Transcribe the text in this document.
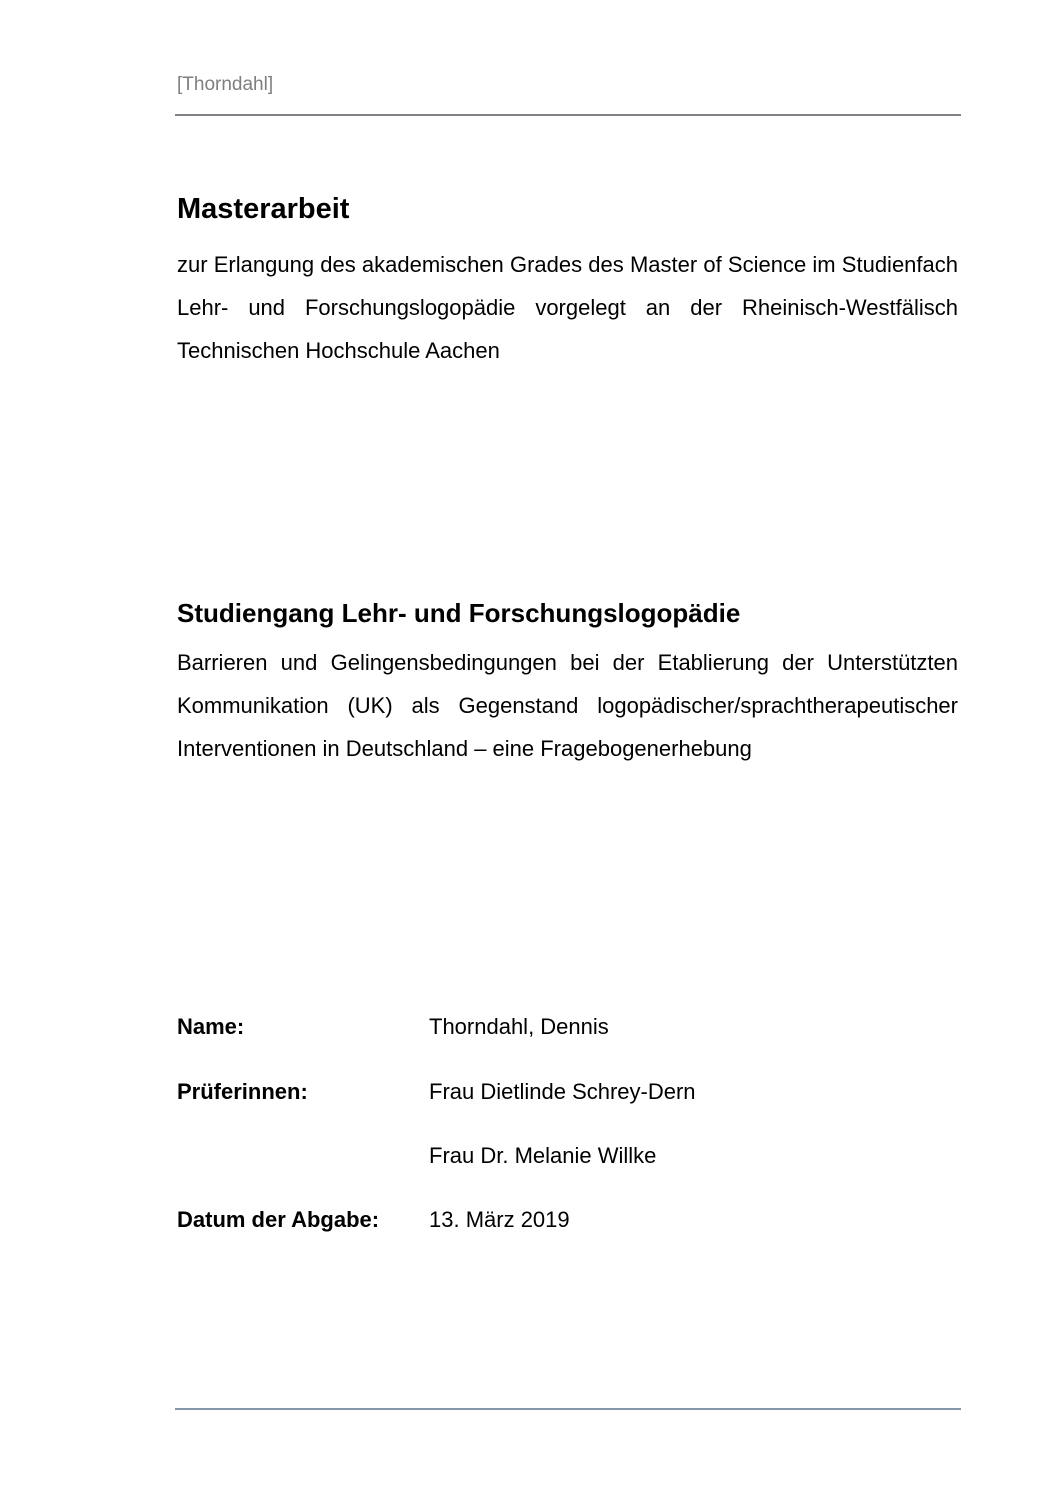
[Thorndahl]
Masterarbeit
zur Erlangung des akademischen Grades des Master of Science im Studienfach Lehr- und Forschungslogopädie vorgelegt an der Rheinisch-Westfälisch Technischen Hochschule Aachen
Studiengang Lehr- und Forschungslogopädie
Barrieren und Gelingensbedingungen bei der Etablierung der Unterstützten Kommunikation (UK) als Gegenstand logopädischer/sprachtherapeutischer Interventionen in Deutschland – eine Fragebogenerhebung
Name:	Thorndahl, Dennis
Prüferinnen:	Frau Dietlinde Schrey-Dern
Frau Dr. Melanie Willke
Datum der Abgabe: 13. März 2019
